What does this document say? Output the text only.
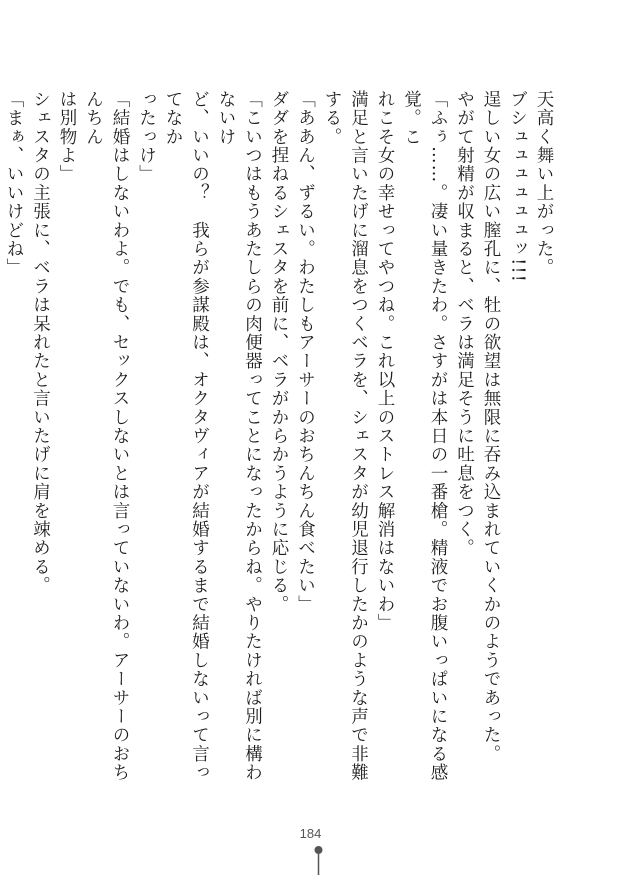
天高く舞い上がった。

ブシュュュュュュッ!!!

逞しい女の広い膣孔に、牡の欲望は無限に吞み込まれていくかのようであった。

やがて射精が収まると、ベラは満足そうに吐息をつく。

「ふぅ……。凄い量きたわ。さすがは本日の一番槍。精液でお腹いっぱいになる感覚。こ

れこそ女の幸せってやつね。これ以上のストレス解消はないわ」

満足と言いたげに溜息をつくベラを、シェスタが幼児退行したかのような声で非難する。

「ああん、ずるい。わたしもアーサーのおちんちん食べたい」

ダダを捏ねるシェスタを前に、ベラがからかうように応じる。

「こいつはもうあたしらの肉便器ってことになったからね。やりたければ別に構わないけ

ど、いいの？　我らが参謀殿は、オクタヴィアが結婚するまで結婚しないって言ってなか

ったっけ」

「結婚はしないわよ。でも、セックスしないとは言っていないわ。アーサーのおちんちん

は別物よ」

シェスタの主張に、ベラは呆れたと言いたげに肩を竦める。

「まぁ、いいけどね」

184
